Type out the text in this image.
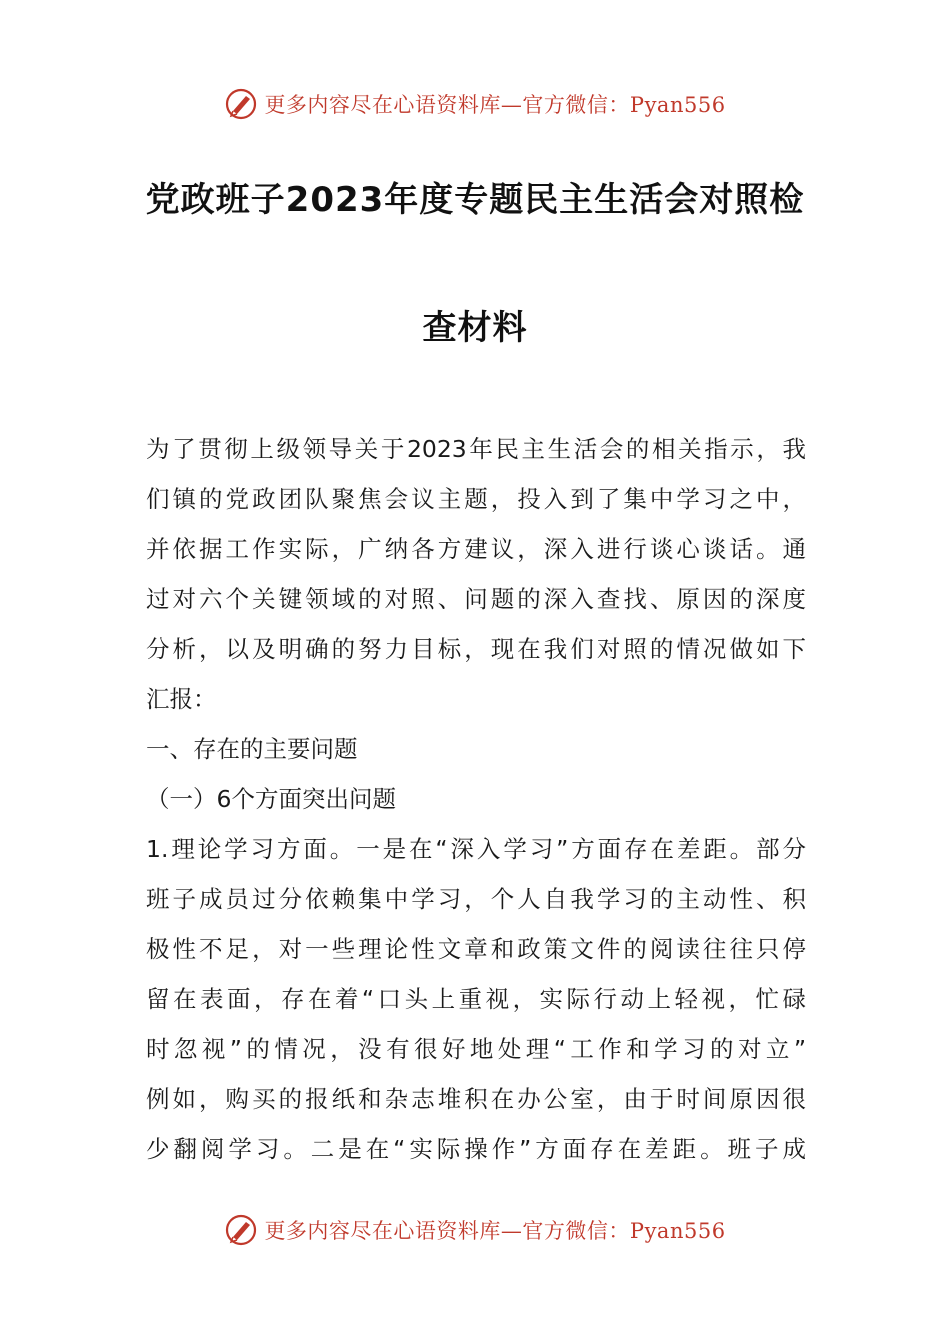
更多内容尽在心语资料库—官方微信：Pyan556
党政班子2023年度专题民主生活会对照检
查材料
为了贯彻上级领导关于2023年民主生活会的相关指示，我
们镇的党政团队聚焦会议主题，投入到了集中学习之中，
并依据工作实际，广纳各方建议，深入进行谈心谈话。通
过对六个关键领域的对照、问题的深入查找、原因的深度
分析，以及明确的努力目标，现在我们对照的情况做如下
汇报：
一、存在的主要问题
（一）6个方面突出问题
1.理论学习方面。一是在“深入学习”方面存在差距。部分
班子成员过分依赖集中学习，个人自我学习的主动性、积
极性不足，对一些理论性文章和政策文件的阅读往往只停
留在表面，存在着“口头上重视，实际行动上轻视，忙碌
时忽视”的情况，没有很好地处理“工作和学习的对立”
例如，购买的报纸和杂志堆积在办公室，由于时间原因很
少翻阅学习。二是在“实际操作”方面存在差距。班子成
更多内容尽在心语资料库—官方微信：Pyan556
